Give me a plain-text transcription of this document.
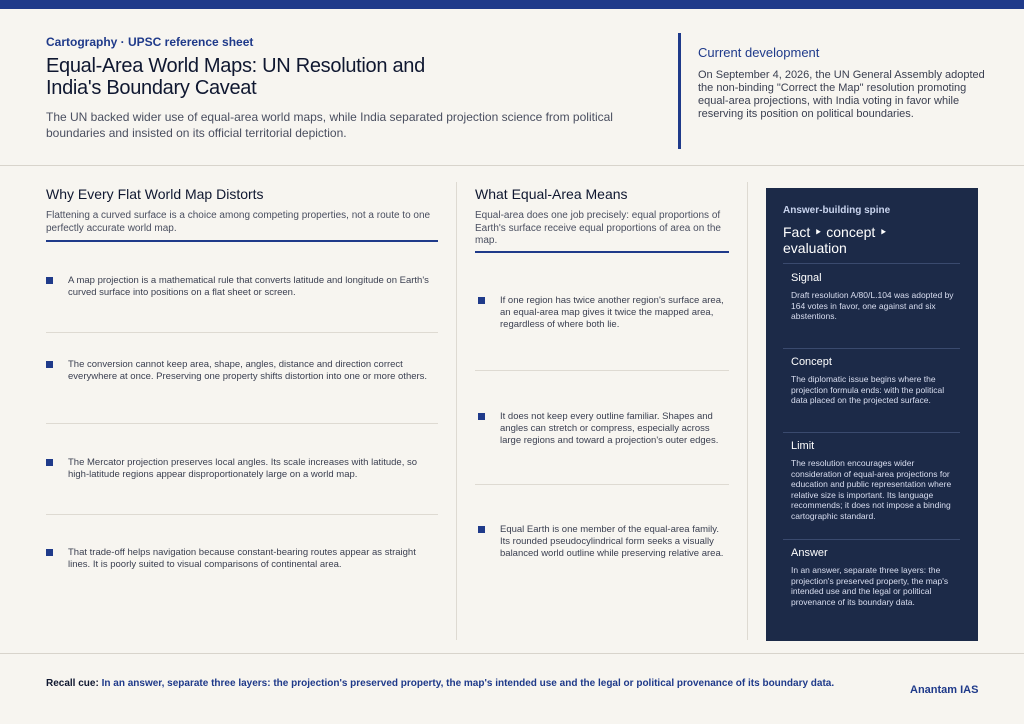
Cartography · UPSC reference sheet
Equal-Area World Maps: UN Resolution and India's Boundary Caveat
The UN backed wider use of equal-area world maps, while India separated projection science from political boundaries and insisted on its official territorial depiction.
Current development
On September 4, 2026, the UN General Assembly adopted the non-binding "Correct the Map" resolution promoting equal-area projections, with India voting in favor while reserving its position on political boundaries.
Why Every Flat World Map Distorts
Flattening a curved surface is a choice among competing properties, not a route to one perfectly accurate world map.
A map projection is a mathematical rule that converts latitude and longitude on Earth's curved surface into positions on a flat sheet or screen.
The conversion cannot keep area, shape, angles, distance and direction correct everywhere at once. Preserving one property shifts distortion into one or more others.
The Mercator projection preserves local angles. Its scale increases with latitude, so high-latitude regions appear disproportionately large on a world map.
That trade-off helps navigation because constant-bearing routes appear as straight lines. It is poorly suited to visual comparisons of continental area.
What Equal-Area Means
Equal-area does one job precisely: equal proportions of Earth's surface receive equal proportions of area on the map.
If one region has twice another region's surface area, an equal-area map gives it twice the mapped area, regardless of where both lie.
It does not keep every outline familiar. Shapes and angles can stretch or compress, especially across large regions and toward a projection's outer edges.
Equal Earth is one member of the equal-area family. Its rounded pseudocylindrical form seeks a visually balanced world outline while preserving relative area.
Answer-building spine
Fact ‣ concept ‣ evaluation
Signal
Draft resolution A/80/L.104 was adopted by 164 votes in favor, one against and six abstentions.
Concept
The diplomatic issue begins where the projection formula ends: with the political data placed on the projected surface.
Limit
The resolution encourages wider consideration of equal-area projections for education and public representation where relative size is important. Its language recommends; it does not impose a binding cartographic standard.
Answer
In an answer, separate three layers: the projection's preserved property, the map's intended use and the legal or political provenance of its boundary data.
Recall cue: In an answer, separate three layers: the projection's preserved property, the map's intended use and the legal or political provenance of its boundary data.
Anantam IAS
